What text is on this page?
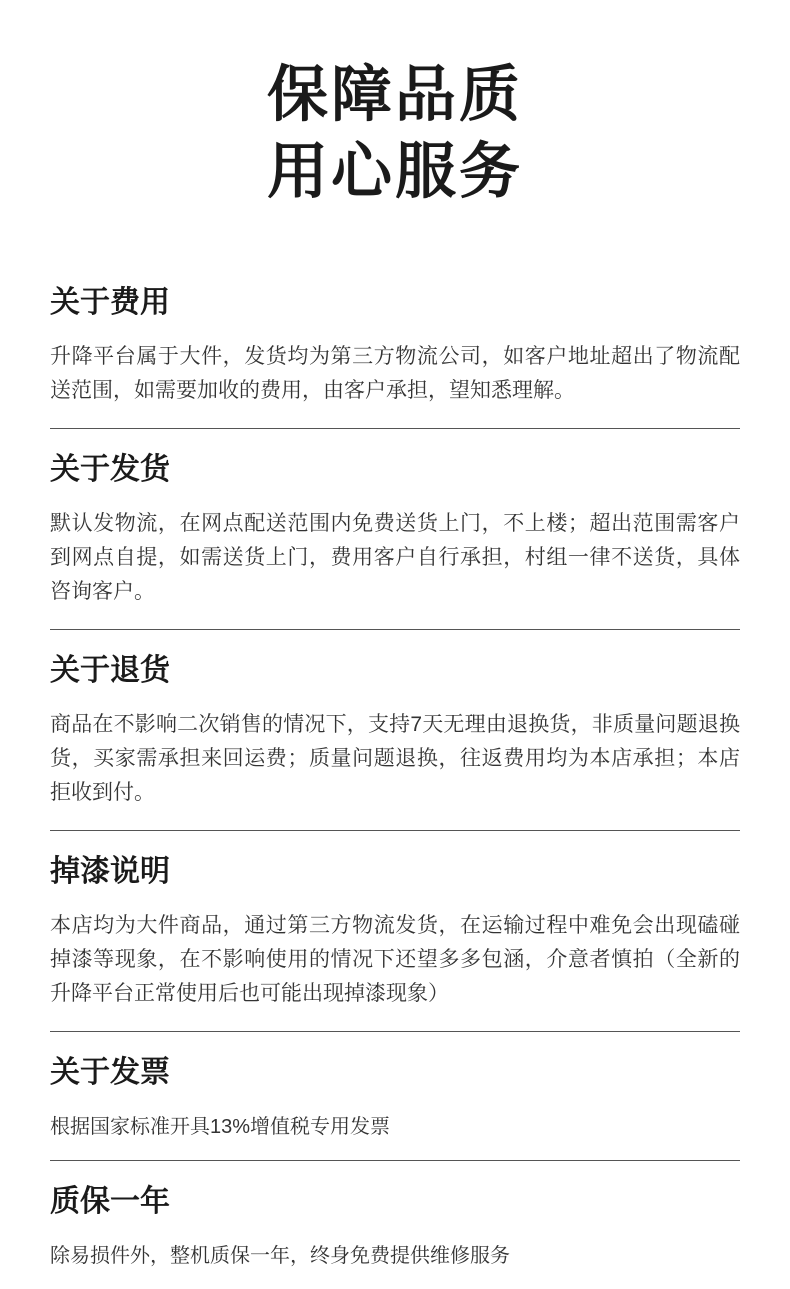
保障品质
用心服务
关于费用
升降平台属于大件，发货均为第三方物流公司，如客户地址超出了物流配送范围，如需要加收的费用，由客户承担，望知悉理解。
关于发货
默认发物流，在网点配送范围内免费送货上门，不上楼；超出范围需客户到网点自提，如需送货上门，费用客户自行承担，村组一律不送货，具体咨询客户。
关于退货
商品在不影响二次销售的情况下，支持7天无理由退换货，非质量问题退换货，买家需承担来回运费；质量问题退换，往返费用均为本店承担；本店拒收到付。
掉漆说明
本店均为大件商品，通过第三方物流发货，在运输过程中难免会出现磕碰掉漆等现象，在不影响使用的情况下还望多多包涵，介意者慎拍（全新的升降平台正常使用后也可能出现掉漆现象）
关于发票
根据国家标准开具13%增值税专用发票
质保一年
除易损件外，整机质保一年，终身免费提供维修服务
